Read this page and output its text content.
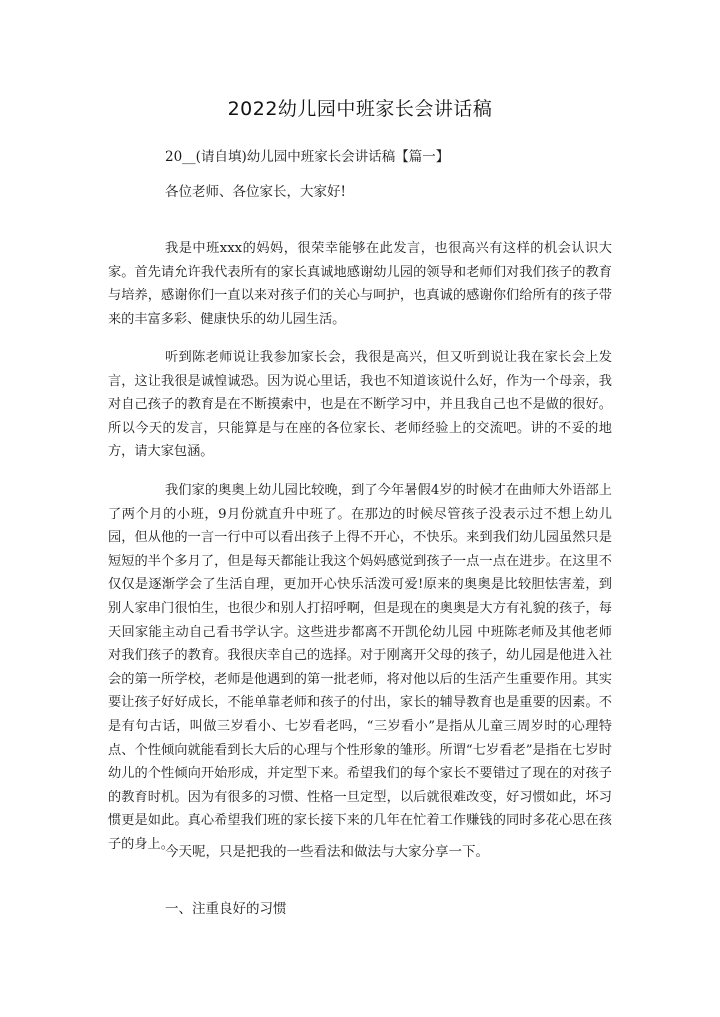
2022幼儿园中班家长会讲话稿
20__(请自填)幼儿园中班家长会讲话稿【篇一】
各位老师、各位家长，大家好!

我是中班xxx的妈妈，很荣幸能够在此发言，也很高兴有这样的机会认识大家。首先请允许我代表所有的家长真诚地感谢幼儿园的领导和老师们对我们孩子的教育与培养，感谢你们一直以来对孩子们的关心与呵护，也真诚的感谢你们给所有的孩子带来的丰富多彩、健康快乐的幼儿园生活。

听到陈老师说让我参加家长会，我很是高兴，但又听到说让我在家长会上发言，这让我很是诚惶诚恐。因为说心里话，我也不知道该说什么好，作为一个母亲，我对自己孩子的教育是在不断摸索中，也是在不断学习中，并且我自己也不是做的很好。所以今天的发言，只能算是与在座的各位家长、老师经验上的交流吧。讲的不妥的地方，请大家包涵。

我们家的奥奥上幼儿园比较晚，到了今年暑假4岁的时候才在曲师大外语部上了两个月的小班，9月份就直升中班了。在那边的时候尽管孩子没表示过不想上幼儿园，但从他的一言一行中可以看出孩子上得不开心，不快乐。来到我们幼儿园虽然只是短短的半个多月了，但是每天都能让我这个妈妈感觉到孩子一点一点在进步。在这里不仅仅是逐渐学会了生活自理，更加开心快乐活泼可爱!原来的奥奥是比较胆怯害羞，到别人家串门很怕生，也很少和别人打招呼啊，但是现在的奥奥是大方有礼貌的孩子，每天回家能主动自己看书学认字。这些进步都离不开凯伦幼儿园 中班陈老师及其他老师对我们孩子的教育。我很庆幸自己的选择。对于刚离开父母的孩子，幼儿园是他进入社会的第一所学校，老师是他遇到的第一批老师，将对他以后的生活产生重要作用。其实要让孩子好好成长，不能单靠老师和孩子的付出，家长的辅导教育也是重要的因素。不是有句古话，叫做三岁看小、七岁看老吗，“三岁看小”是指从儿童三周岁时的心理特点、个性倾向就能看到长大后的心理与个性形象的雏形。所谓“七岁看老”是指在七岁时幼儿的个性倾向开始形成，并定型下来。希望我们的每个家长不要错过了现在的对孩子的教育时机。因为有很多的习惯、性格一旦定型，以后就很难改变，好习惯如此，坏习惯更是如此。真心希望我们班的家长接下来的几年在忙着工作赚钱的同时多花心思在孩子的身上。

今天呢，只是把我的一些看法和做法与大家分享一下。
一、注重良好的习惯
